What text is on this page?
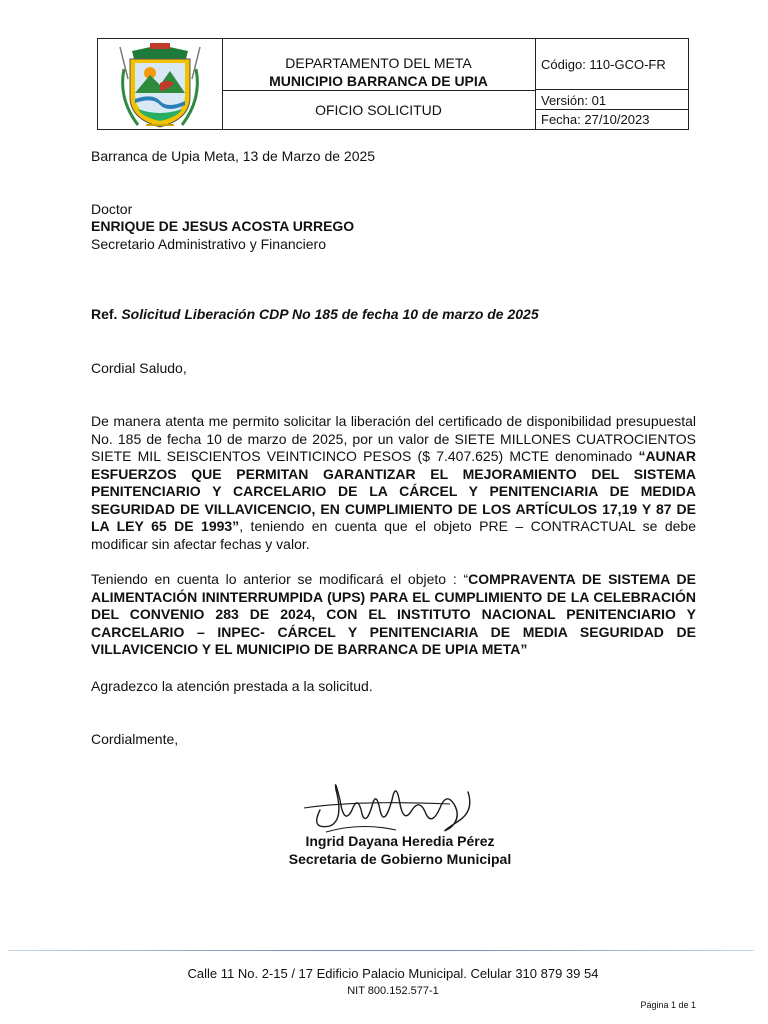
DEPARTAMENTO DEL META
MUNICIPIO BARRANCA DE UPIA
OFICIO SOLICITUD
Código: 110-GCO-FR
Versión: 01
Fecha: 27/10/2023
Barranca de Upia Meta, 13 de Marzo de 2025
Doctor
ENRIQUE DE JESUS ACOSTA URREGO
Secretario Administrativo y Financiero
Ref. Solicitud Liberación CDP No 185 de fecha 10 de marzo de 2025
Cordial Saludo,
De manera atenta me permito solicitar la liberación del certificado de disponibilidad presupuestal No. 185 de fecha 10 de marzo de 2025, por un valor de SIETE MILLONES CUATROCIENTOS SIETE MIL SEISCIENTOS VEINTICINCO PESOS ($ 7.407.625) MCTE denominado “AUNAR ESFUERZOS QUE PERMITAN GARANTIZAR EL MEJORAMIENTO DEL SISTEMA PENITENCIARIO Y CARCELARIO DE LA CÁRCEL Y PENITENCIARIA DE MEDIDA SEGURIDAD DE VILLAVICENCIO, EN CUMPLIMIENTO DE LOS ARTÍCULOS 17,19 Y 87 DE LA LEY 65 DE 1993”, teniendo en cuenta que el objeto PRE – CONTRACTUAL se debe modificar sin afectar fechas y valor.
Teniendo en cuenta lo anterior se modificará el objeto : “COMPRAVENTA DE SISTEMA DE ALIMENTACIÓN ININTERRUMPIDA (UPS) PARA EL CUMPLIMIENTO DE LA CELEBRACIÓN DEL CONVENIO 283 DE 2024, CON EL INSTITUTO NACIONAL PENITENCIARIO Y CARCELARIO – INPEC- CÁRCEL Y PENITENCIARIA DE MEDIA SEGURIDAD DE VILLAVICENCIO Y EL MUNICIPIO DE BARRANCA DE UPIA META”
Agradezco la atención prestada a la solicitud.
Cordialmente,
Ingrid Dayana Heredia Pérez
Secretaria de Gobierno Municipal
Calle 11 No. 2-15 / 17 Edificio Palacio Municipal. Celular 310 879 39 54
NIT 800.152.577-1
Página 1 de 1
